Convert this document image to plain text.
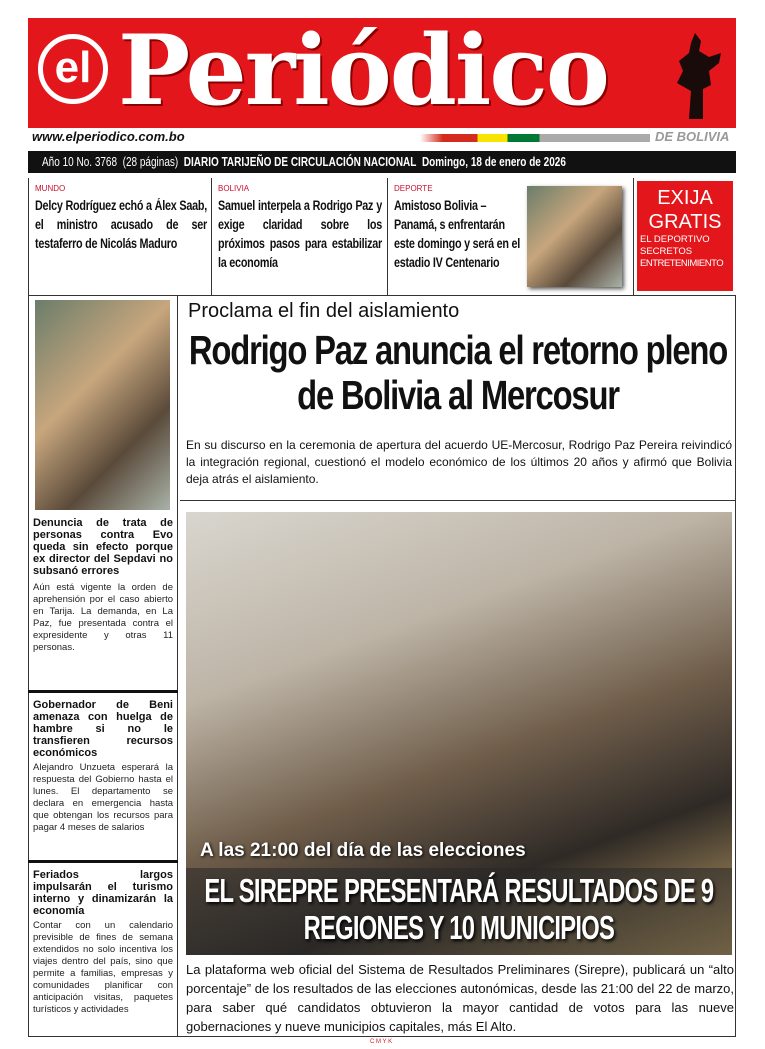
el Periódico
www.elperiodico.com.bo	DE BOLIVIA
Año 10 No. 3768 (28 páginas) DIARIO TARIJEÑO DE CIRCULACIÓN NACIONAL Domingo, 18 de enero de 2026
MUNDO
Delcy Rodríguez echó a Álex Saab, el ministro acusado de ser testaferro de Nicolás Maduro
BOLIVIA
Samuel interpela a Rodrigo Paz y exige claridad sobre los próximos pasos para estabilizar la economía
DEPORTE
Amistoso Bolivia – Panamá, s enfrentarán este domingo y será en el estadio IV Centenario
EXIJA
GRATIS
EL DEPORTIVO
SECRETOS
ENTRETENIMIENTO
Denuncia de trata de personas contra Evo queda sin efecto porque ex director del Sepdavi no subsanó errores

Aún está vigente la orden de aprehensión por el caso abierto en Tarija. La demanda, en La Paz, fue presentada contra el expresidente y otras 11 personas.

Gobernador de Beni amenaza con huelga de hambre si no le transfieren recursos económicos

Alejandro Unzueta esperará la respuesta del Gobierno hasta el lunes. El departamento se declara en emergencia hasta que obtengan los recursos para pagar 4 meses de salarios

Feriados largos impulsarán el turismo interno y dinamizarán la economía

Contar con un calendario previsible de fines de semana extendidos no solo incentiva los viajes dentro del país, sino que permite a familias, empresas y comunidades planificar con anticipación visitas, paquetes turísticos y actividades

Proclama el fin del aislamiento
Rodrigo Paz anuncia el retorno pleno de Bolivia al Mercosur
En su discurso en la ceremonia de apertura del acuerdo UE-Mercosur, Rodrigo Paz Pereira reivindicó la integración regional, cuestionó el modelo económico de los últimos 20 años y afirmó que Bolivia deja atrás el aislamiento.
A las 21:00 del día de las elecciones
EL SIREPRE PRESENTARÁ RESULTADOS DE 9 REGIONES Y 10 MUNICIPIOS
La plataforma web oficial del Sistema de Resultados Preliminares (Sirepre), publicará un “alto porcentaje” de los resultados de las elecciones autonómicas, desde las 21:00 del 22 de marzo, para saber qué candidatos obtuvieron la mayor cantidad de votos para las nueve gobernaciones y nueve municipios capitales, más El Alto.
C M Y K
